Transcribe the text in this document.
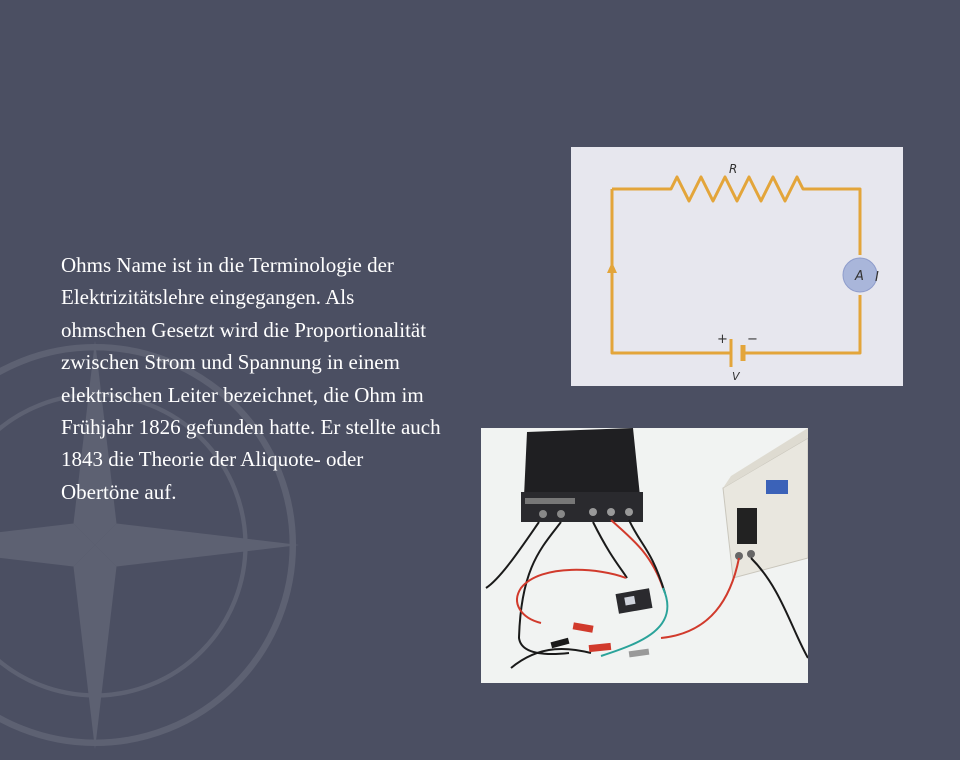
Ohms Name ist in die Terminologie der Elektrizitätslehre eingegangen. Als ohmschen Gesetzt wird die Proportionalität zwischen Strom und Spannung in einem elektrischen Leiter bezeichnet, die Ohm im Frühjahr 1826 gefunden hatte. Er stellte auch 1843 die Theorie der Aliquote- oder Obertöne auf.

A I
R
+ −
V
